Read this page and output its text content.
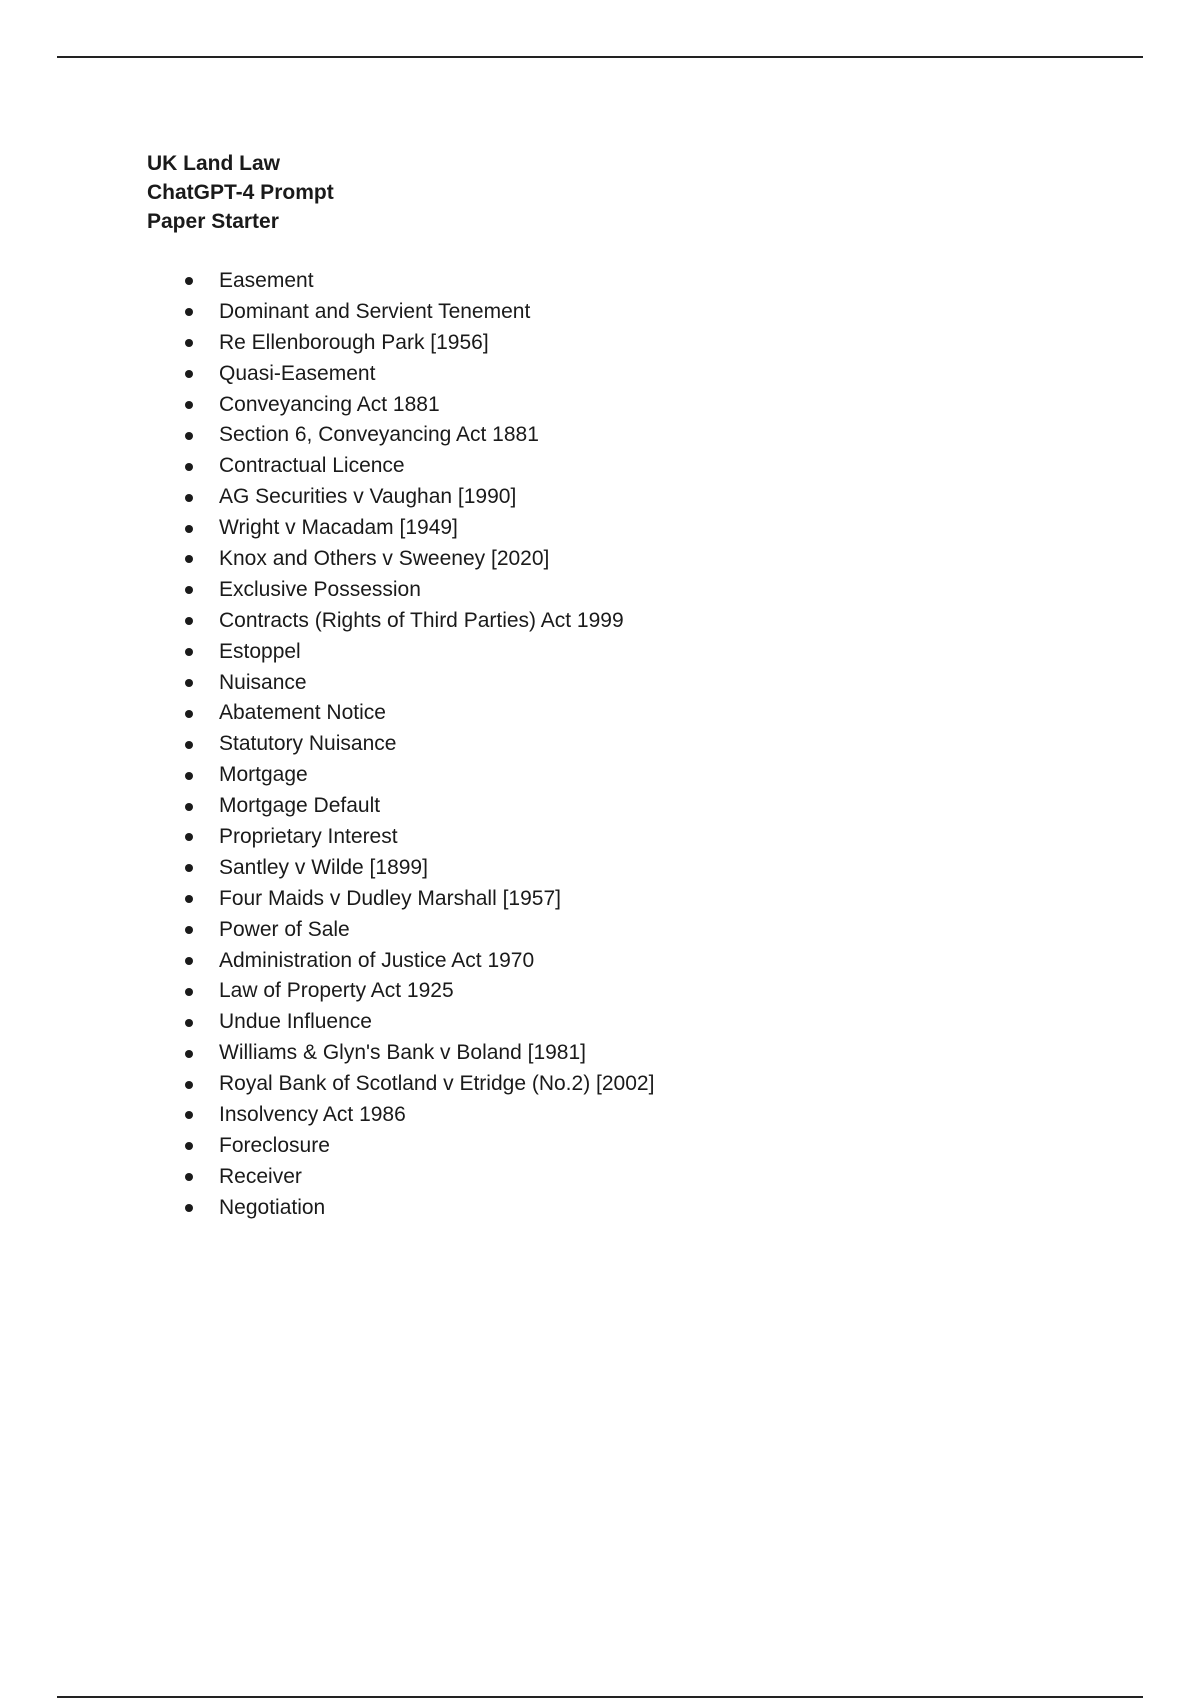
UK Land Law
ChatGPT-4 Prompt
Paper Starter
Easement
Dominant and Servient Tenement
Re Ellenborough Park [1956]
Quasi-Easement
Conveyancing Act 1881
Section 6, Conveyancing Act 1881
Contractual Licence
AG Securities v Vaughan [1990]
Wright v Macadam [1949]
Knox and Others v Sweeney [2020]
Exclusive Possession
Contracts (Rights of Third Parties) Act 1999
Estoppel
Nuisance
Abatement Notice
Statutory Nuisance
Mortgage
Mortgage Default
Proprietary Interest
Santley v Wilde [1899]
Four Maids v Dudley Marshall [1957]
Power of Sale
Administration of Justice Act 1970
Law of Property Act 1925
Undue Influence
Williams & Glyn's Bank v Boland [1981]
Royal Bank of Scotland v Etridge (No.2) [2002]
Insolvency Act 1986
Foreclosure
Receiver
Negotiation
